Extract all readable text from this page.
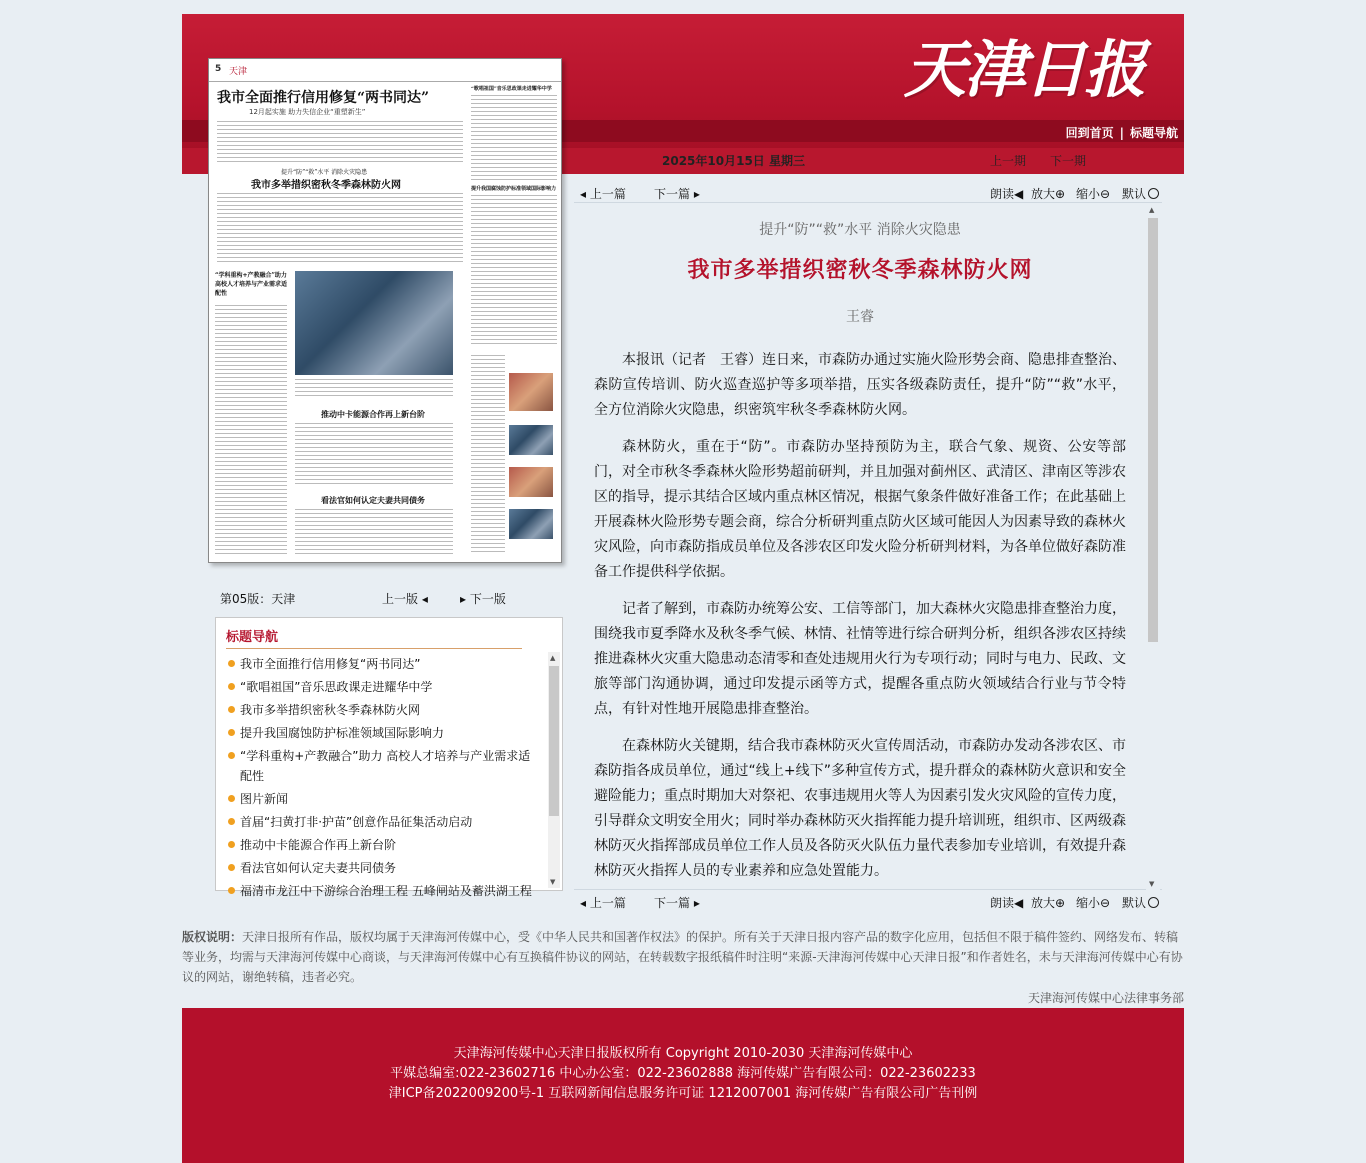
天津日报
回到首页 | 标题导航
2025年10月15日 星期三	上一期 下一期
5 天津
我市全面推行信用修复“两书同达”
12月起实施 助力失信企业“重塑新生”
提升“防”“救”水平 消除火灾隐患
我市多举措织密秋冬季森林防火网
“学科重构+产教融合”助力高校人才培养与产业需求适配性
推动中卡能源合作再上新台阶
看法官如何认定夫妻共同债务
“歌唱祖国”音乐思政课走进耀华中学
提升我国腐蚀防护标准领域国际影响力
第05版：天津	上一版 ◂	▸ 下一版
标题导航
我市全面推行信用修复“两书同达”
“歌唱祖国”音乐思政课走进耀华中学
我市多举措织密秋冬季森林防火网
提升我国腐蚀防护标准领域国际影响力
“学科重构+产教融合”助力 高校人才培养与产业需求适配性
图片新闻
首届“扫黄打非·护苗”创意作品征集活动启动
推动中卡能源合作再上新台阶
看法官如何认定夫妻共同债务
福清市龙江中下游综合治理工程 五峰闸站及蓄洪湖工程
▲
▼
◂ 上一篇 下一篇 ▸	朗读◀ 放大⊕ 缩小⊖ 默认
提升“防”“救”水平 消除火灾隐患
我市多举措织密秋冬季森林防火网
王睿

本报讯（记者　王睿）连日来，市森防办通过实施火险形势会商、隐患排查整治、森防宣传培训、防火巡查巡护等多项举措，压实各级森防责任，提升“防”“救”水平，全方位消除火灾隐患，织密筑牢秋冬季森林防火网。

森林防火，重在于“防”。市森防办坚持预防为主，联合气象、规资、公安等部门，对全市秋冬季森林火险形势超前研判，并且加强对蓟州区、武清区、津南区等涉农区的指导，提示其结合区域内重点林区情况，根据气象条件做好准备工作；在此基础上开展森林火险形势专题会商，综合分析研判重点防火区域可能因人为因素导致的森林火灾风险，向市森防指成员单位及各涉农区印发火险分析研判材料，为各单位做好森防准备工作提供科学依据。

记者了解到，市森防办统筹公安、工信等部门，加大森林火灾隐患排查整治力度，围绕我市夏季降水及秋冬季气候、林情、社情等进行综合研判分析，组织各涉农区持续推进森林火灾重大隐患动态清零和查处违规用火行为专项行动；同时与电力、民政、文旅等部门沟通协调，通过印发提示函等方式，提醒各重点防火领域结合行业与节令特点，有针对性地开展隐患排查整治。

在森林防火关键期，结合我市森林防灭火宣传周活动，市森防办发动各涉农区、市森防指各成员单位，通过“线上+线下”多种宣传方式，提升群众的森林防火意识和安全避险能力；重点时期加大对祭祀、农事违规用火等人为因素引发火灾风险的宣传力度，引导群众文明安全用火；同时举办森林防灭火指挥能力提升培训班，组织市、区两级森林防灭火指挥部成员单位工作人员及各防灭火队伍力量代表参加专业培训，有效提升森林防灭火指挥人员的专业素养和应急处置能力。

▲
▼
◂ 上一篇 下一篇 ▸	朗读◀ 放大⊕ 缩小⊖ 默认
版权说明：天津日报所有作品，版权均属于天津海河传媒中心，受《中华人民共和国著作权法》的保护。所有关于天津日报内容产品的数字化应用，包括但不限于稿件签约、网络发布、转稿等业务，均需与天津海河传媒中心商谈，与天津海河传媒中心有互换稿件协议的网站，在转载数字报纸稿件时注明“来源-天津海河传媒中心天津日报”和作者姓名，未与天津海河传媒中心有协议的网站，谢绝转稿，违者必究。
天津海河传媒中心法律事务部
天津海河传媒中心天津日报版权所有 Copyright 2010-2030 天津海河传媒中心
平媒总编室:022-23602716 中心办公室：022-23602888 海河传媒广告有限公司：022-23602233
津ICP备2022009200号-1 互联网新闻信息服务许可证 1212007001 海河传媒广告有限公司广告刊例
